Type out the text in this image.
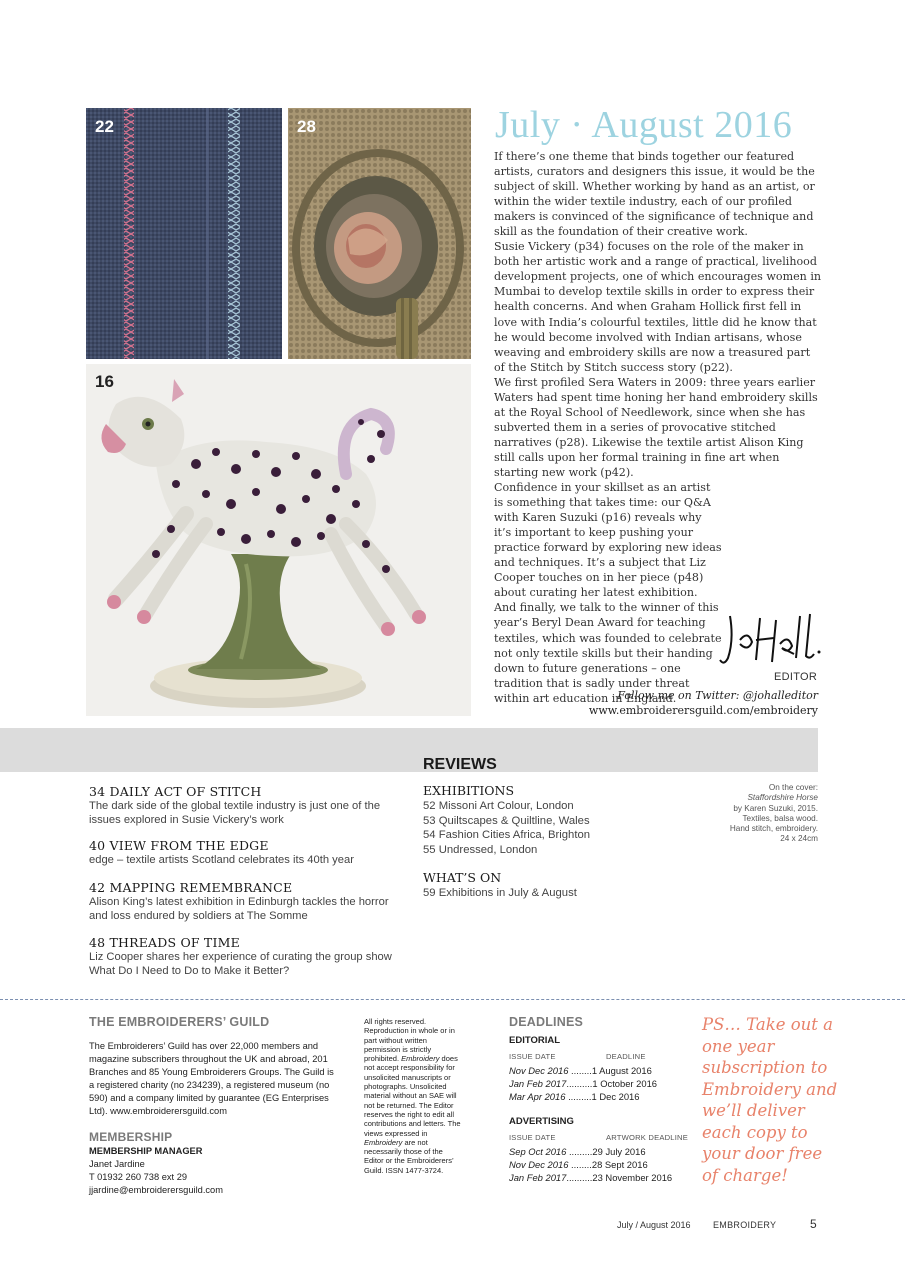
22	28
16
July · August 2016

If there’s one theme that binds together our featured artists, curators and designers this issue, it would be the subject of skill. Whether working by hand as an artist, or within the wider textile industry, each of our profiled makers is convinced of the significance of technique and skill as the foundation of their creative work.

Susie Vickery (p34) focuses on the role of the maker in both her artistic work and a range of practical, livelihood development projects, one of which encourages women in Mumbai to develop textile skills in order to express their health concerns. And when Graham Hollick first fell in love with India’s colourful textiles, little did he know that he would become involved with Indian artisans, whose weaving and embroidery skills are now a treasured part of the Stitch by Stitch success story (p22).

We first profiled Sera Waters in 2009: three years earlier Waters had spent time honing her hand embroidery skills at the Royal School of Needlework, since when she has subverted them in a series of provocative stitched narratives (p28). Likewise the textile artist Alison King still calls upon her formal training in fine art when starting new work (p42).

Confidence in your skillset as an artist is something that takes time: our Q&A with Karen Suzuki (p16) reveals why it’s important to keep pushing your practice forward by exploring new ideas and techniques. It’s a subject that Liz Cooper touches on in her piece (p48) about curating her latest exhibition. And finally, we talk to the winner of this year’s Beryl Dean Award for teaching textiles, which was founded to celebrate not only textile skills but their handing down to future generations – one tradition that is sadly under threat within art education in England.

EDITOR
Follow me on Twitter: @johalleditor
www.embroiderersguild.com/embroidery
34 DAILY ACT OF STITCH
The dark side of the global textile industry is just one of the issues explored in Susie Vickery’s work
40 VIEW FROM THE EDGE
edge – textile artists Scotland celebrates its 40th year
42 MAPPING REMEMBRANCE
Alison King’s latest exhibition in Edinburgh tackles the horror and loss endured by soldiers at The Somme
48 THREADS OF TIME
Liz Cooper shares her experience of curating the group show What Do I Need to Do to Make it Better?
REVIEWS
EXHIBITIONS
52 Missoni Art Colour, London
53 Quiltscapes & Quiltline, Wales
54 Fashion Cities Africa, Brighton
55 Undressed, London
WHAT’S ON
59 Exhibitions in July & August
On the cover:
Staffordshire Horse
by Karen Suzuki, 2015.
Textiles, balsa wood.
Hand stitch, embroidery.
24 x 24cm
THE EMBROIDERERS’ GUILD
The Embroiderers’ Guild has over 22,000 members and magazine subscribers throughout the UK and abroad, 201 Branches and 85 Young Embroiderers Groups. The Guild is a registered charity (no 234239), a registered museum (no 590) and a company limited by guarantee (EG Enterprises Ltd). www.embroiderersguild.com
MEMBERSHIP
MEMBERSHIP MANAGER
Janet Jardine
T 01932 260 738 ext 29
jjardine@embroiderersguild.com
All rights reserved. Reproduction in whole or in part without written permission is strictly prohibited. Embroidery does not accept responsibility for unsolicited manuscripts or photographs. Unsolicited material without an SAE will not be returned. The Editor reserves the right to edit all contributions and letters. The views expressed in Embroidery are not necessarily those of the Editor or the Embroiderers’ Guild. ISSN 1477-3724.
DEADLINES
EDITORIAL
ISSUE DATE	DEADLINE
Nov Dec 2016 ........1 August 2016
Jan Feb 2017..........1 October 2016
Mar Apr 2016 .........1 Dec 2016
ADVERTISING
ISSUE DATE	ARTWORK DEADLINE
Sep Oct 2016 .........29 July 2016
Nov Dec 2016 ........28 Sept 2016
Jan Feb 2017..........23 November 2016
PS… Take out a one year subscription to Embroidery and we’ll deliver each copy to your door free of charge!
July / August 2016 EMBROIDERY	5
